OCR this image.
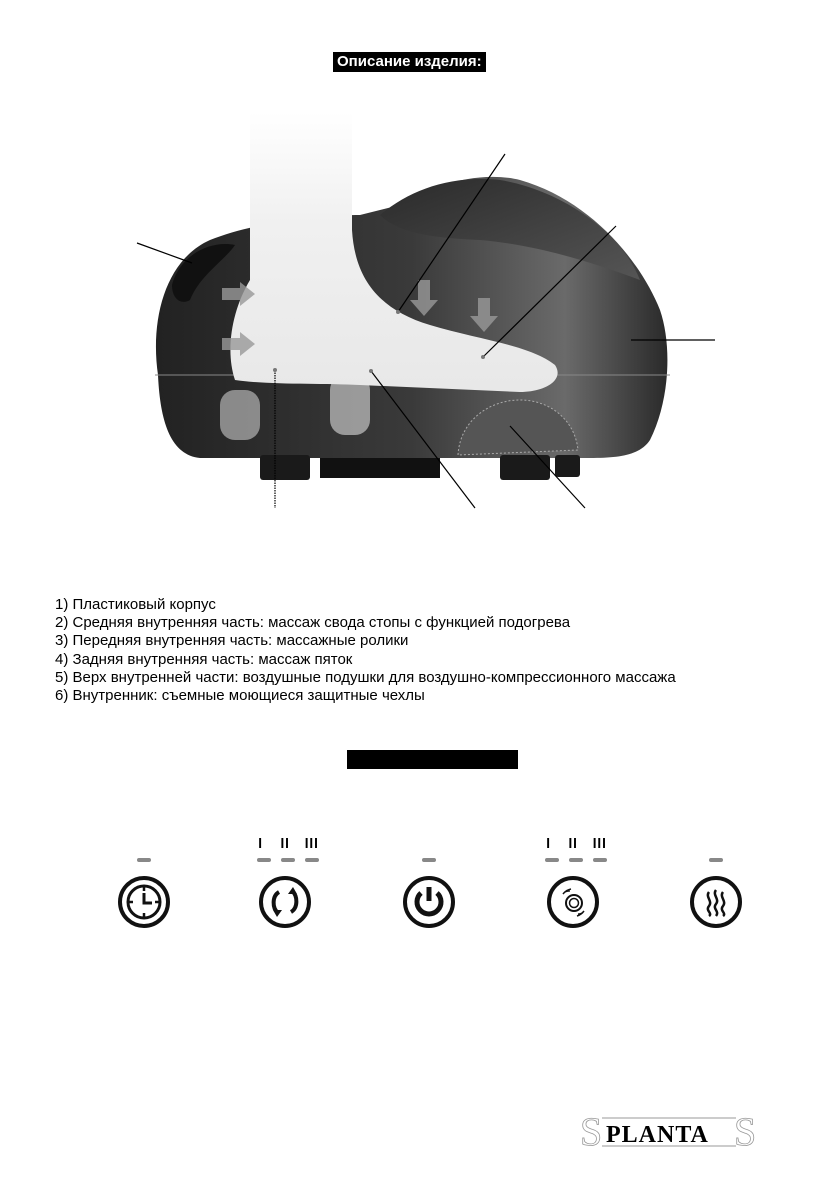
Описание изделия:
1) Пластиковый корпус
2) Средняя внутренняя часть: массаж свода стопы с функцией подогрева
3) Передняя внутренняя часть: массажные ролики
4) Задняя внутренняя часть: массаж пяток
5) Верх внутренней части: воздушные подушки для воздушно-компрессионного массажа
6) Внутренник: съемные моющиеся защитные чехлы
I II III	I II III
S	S
PLANTA
